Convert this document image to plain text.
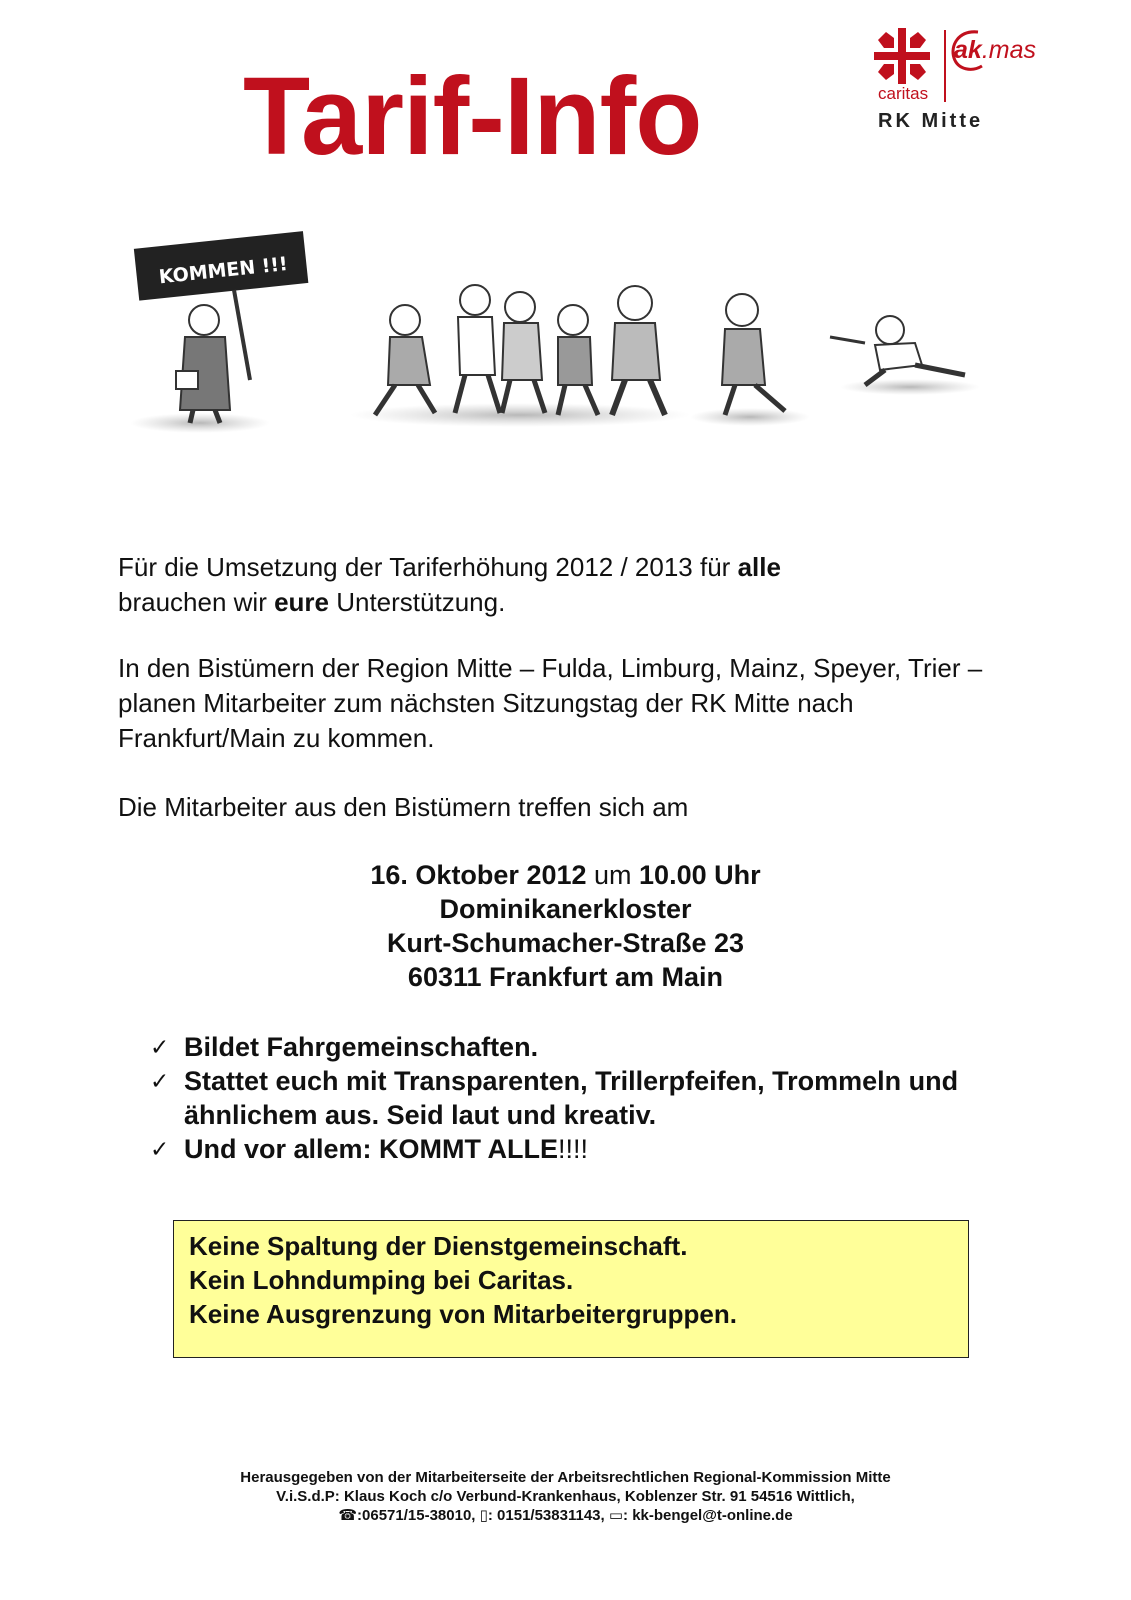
Tarif-Info	caritas
ak.mas
RK Mitte
KOMMEN !!!
Für die Umsetzung der Tariferhöhung 2012 / 2013 für alle
brauchen wir eure Unterstützung.
In den Bistümern der Region Mitte – Fulda, Limburg, Mainz, Speyer, Trier – planen Mitarbeiter zum nächsten Sitzungstag der RK Mitte nach Frankfurt/Main zu kommen.
Die Mitarbeiter aus den Bistümern treffen sich am
16. Oktober 2012 um 10.00 Uhr
Dominikanerkloster
Kurt-Schumacher-Straße 23
60311 Frankfurt am Main
✓ Bildet Fahrgemeinschaften.
✓ Stattet euch mit Transparenten, Trillerpfeifen, Trommeln und ähnlichem aus. Seid laut und kreativ.
✓ Und vor allem: KOMMT ALLE!!!!
Keine Spaltung der Dienstgemeinschaft.
Kein Lohndumping bei Caritas.
Keine Ausgrenzung von Mitarbeitergruppen.
Herausgegeben von der Mitarbeiterseite der Arbeitsrechtlichen Regional-Kommission Mitte
V.i.S.d.P: Klaus Koch c/o Verbund-Krankenhaus, Koblenzer Str. 91 54516 Wittlich,
☎:06571/15-38010, ▯: 0151/53831143, ▭: kk-bengel@t-online.de
